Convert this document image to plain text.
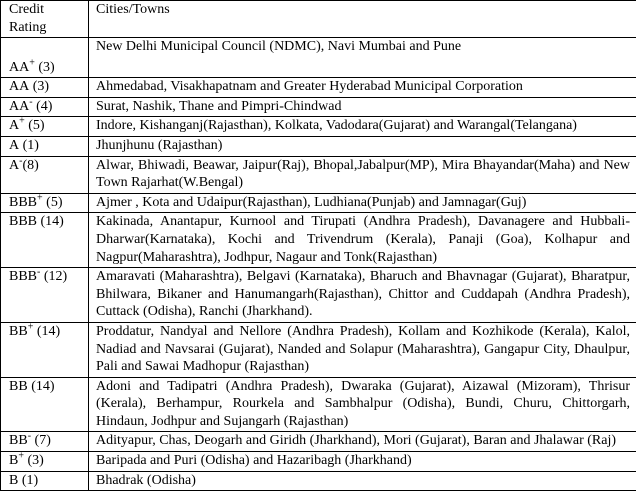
Credit Rating	Cities/Towns
AA+ (3)	New Delhi Municipal Council (NDMC), Navi Mumbai and Pune
AA (3)	Ahmedabad, Visakhapatnam and Greater Hyderabad Municipal Corporation
AA- (4)	Surat, Nashik, Thane and Pimpri-Chindwad
A+ (5)	Indore, Kishanganj(Rajasthan), Kolkata, Vadodara(Gujarat) and Warangal(Telangana)
A (1)	Jhunjhunu (Rajasthan)
A-(8)	Alwar, Bhiwadi, Beawar, Jaipur(Raj), Bhopal,Jabalpur(MP), Mira Bhayandar(Maha) and New Town Rajarhat(W.Bengal)
BBB+ (5)	Ajmer , Kota and Udaipur(Rajasthan), Ludhiana(Punjab) and Jamnagar(Guj)
BBB (14)	Kakinada, Anantapur, Kurnool and Tirupati (Andhra Pradesh), Davanagere and Hubbali-Dharwar(Karnataka), Kochi and Trivendrum (Kerala), Panaji (Goa), Kolhapur and Nagpur(Maharashtra), Jodhpur, Nagaur and Tonk(Rajasthan)
BBB- (12)	Amaravati (Maharashtra), Belgavi (Karnataka), Bharuch and Bhavnagar (Gujarat), Bharatpur, Bhilwara, Bikaner and Hanumangarh(Rajasthan), Chittor and Cuddapah (Andhra Pradesh), Cuttack (Odisha), Ranchi (Jharkhand).
BB+ (14)	Proddatur, Nandyal and Nellore (Andhra Pradesh), Kollam and Kozhikode (Kerala), Kalol, Nadiad and Navsarai (Gujarat), Nanded and Solapur (Maharashtra), Gangapur City, Dhaulpur, Pali and Sawai Madhopur (Rajasthan)
BB (14)	Adoni and Tadipatri (Andhra Pradesh), Dwaraka (Gujarat), Aizawal (Mizoram), Thrisur (Kerala), Berhampur, Rourkela and Sambhalpur (Odisha), Bundi, Churu, Chittorgarh, Hindaun, Jodhpur and Sujangarh (Rajasthan)
BB- (7)	Adityapur, Chas, Deogarh and Giridh (Jharkhand), Mori (Gujarat), Baran and Jhalawar (Raj)
B+ (3)	Baripada and Puri (Odisha) and Hazaribagh (Jharkhand)
B (1)	Bhadrak (Odisha)
